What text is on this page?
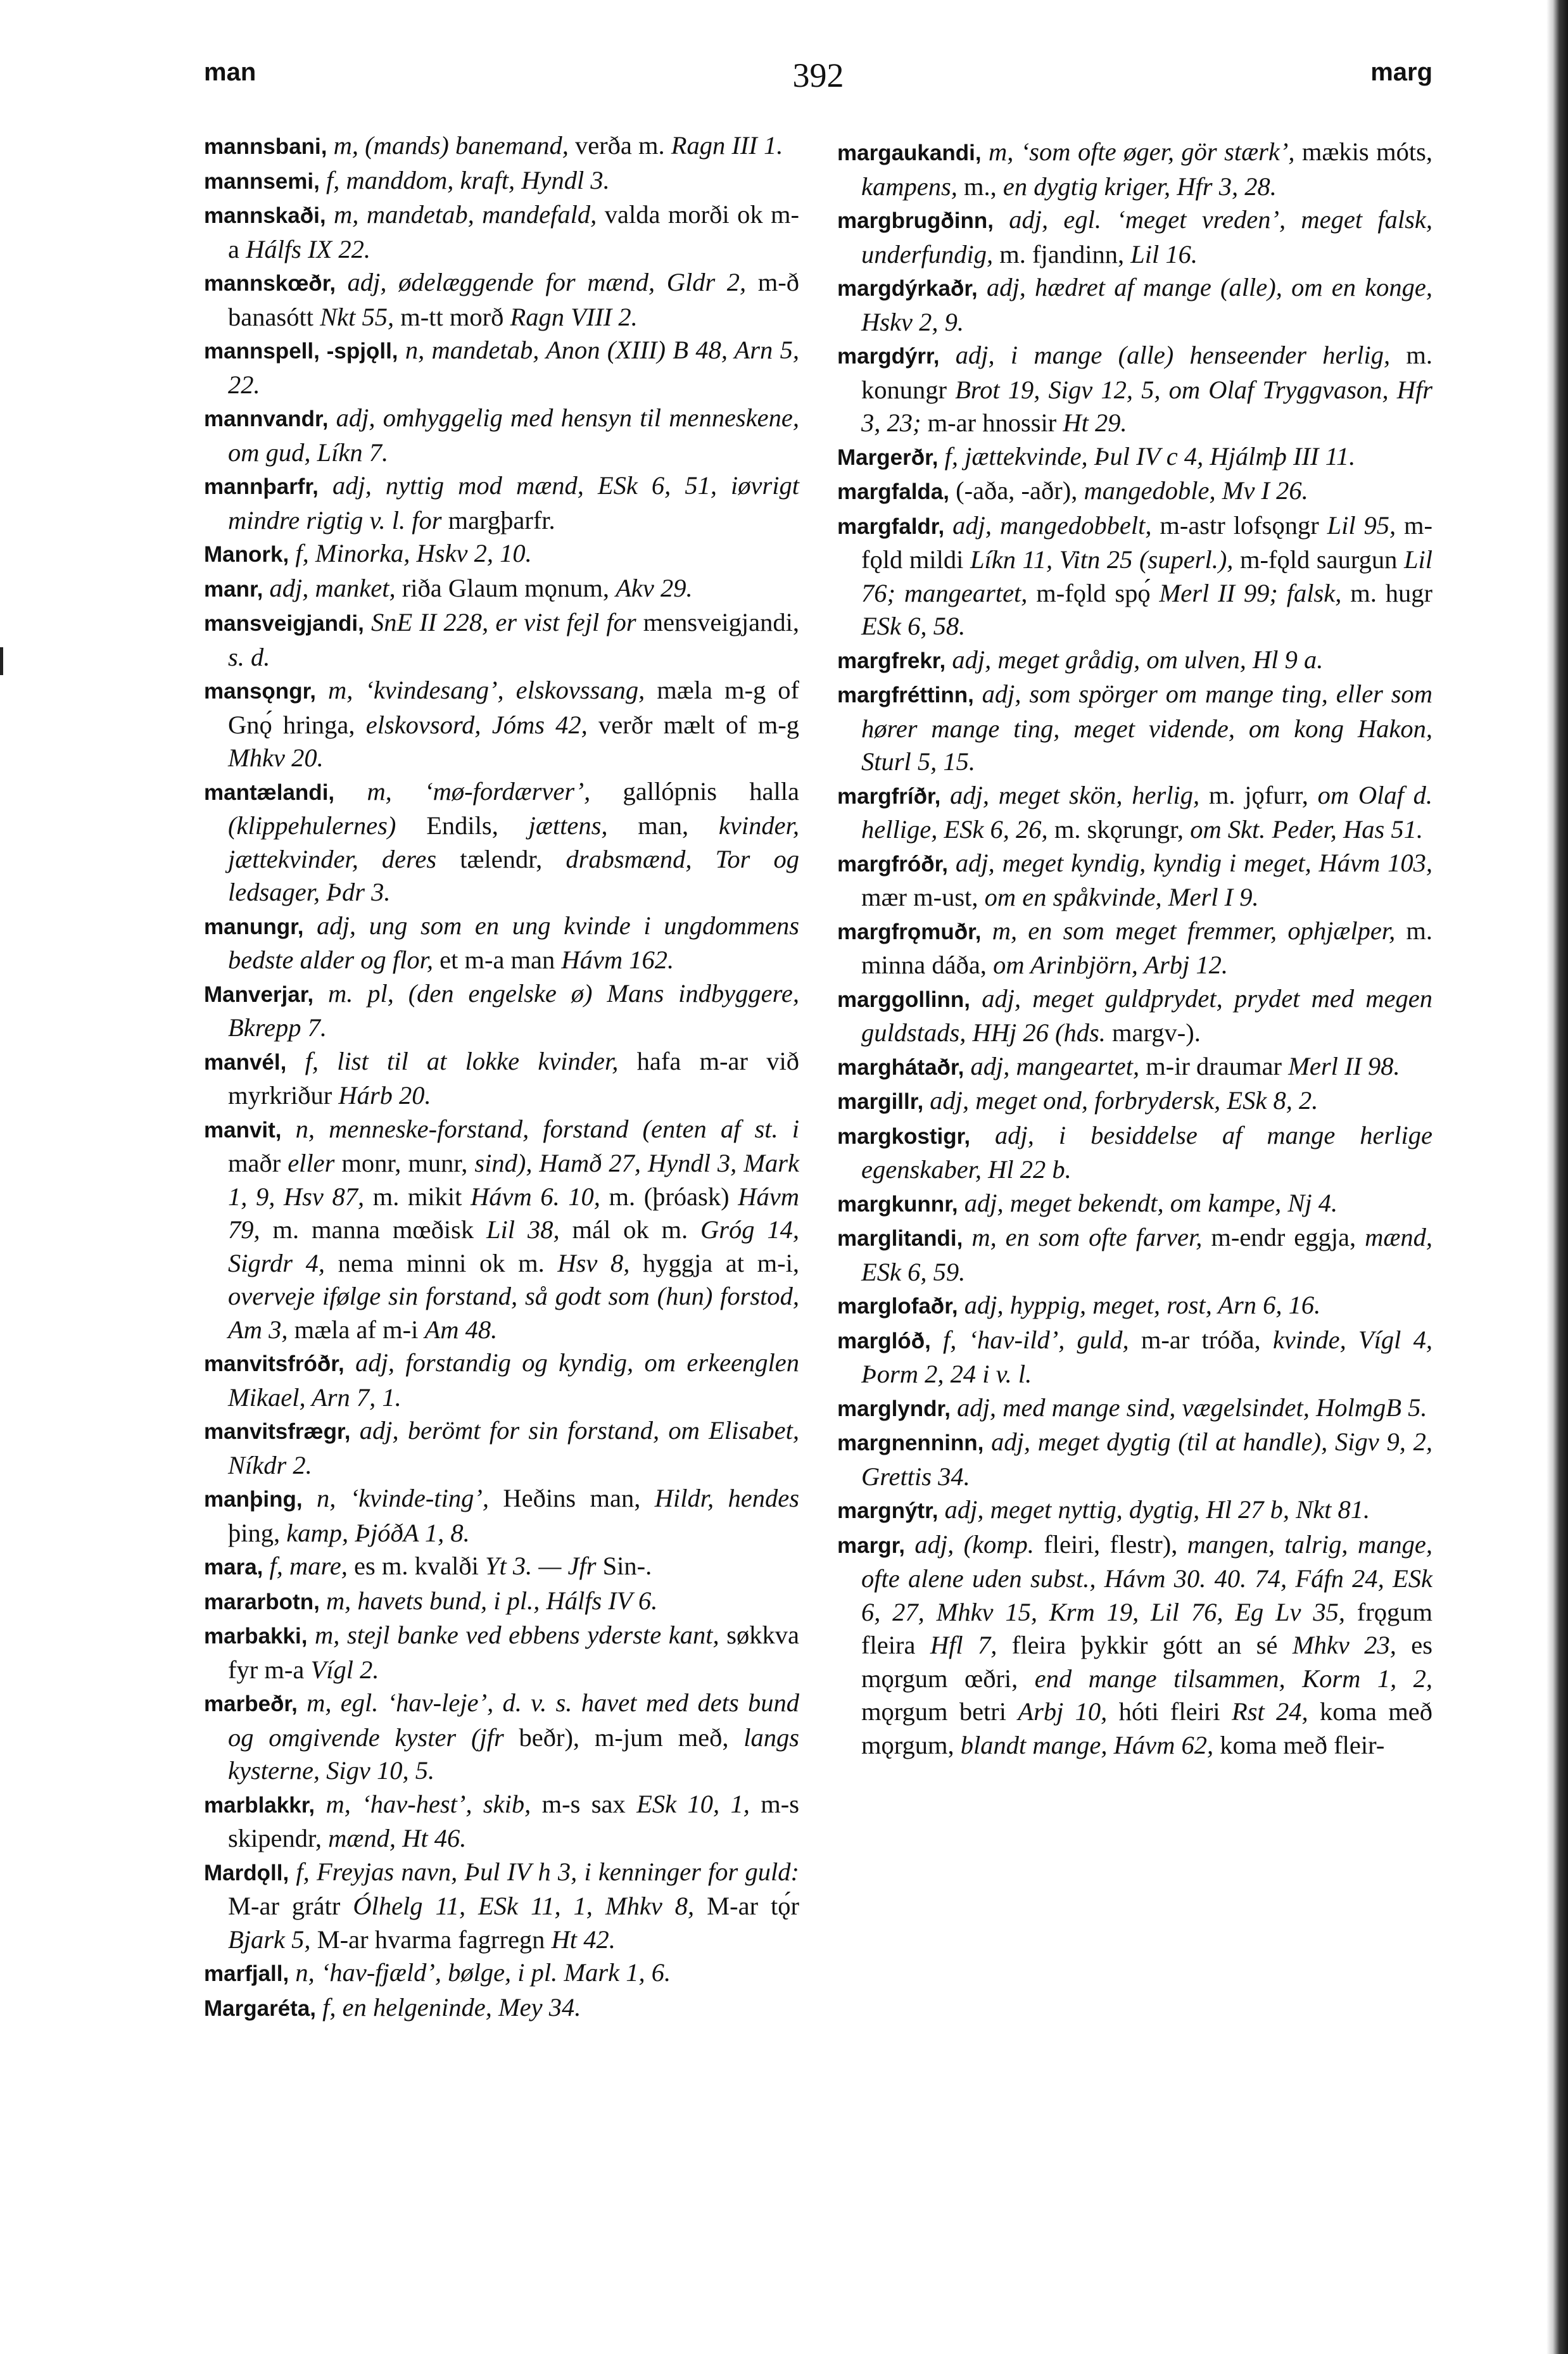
man	392	marg

mannsbani, m, (mands) banemand, verða m. Ragn III 1.

mannsemi, f, manddom, kraft, Hyndl 3.

mannskaði, m, mandetab, mandefald, valda morði ok m-a Hálfs IX 22.

mannskœðr, adj, ødelæggende for mænd, Gldr 2, m-ð banasótt Nkt 55, m-tt morð Ragn VIII 2.

mannspell, -spjǫll, n, mandetab, Anon (XIII) B 48, Arn 5, 22.

mannvandr, adj, omhyggelig med hensyn til menneskene, om gud, Líkn 7.

mannþarfr, adj, nyttig mod mænd, ESk 6, 51, iøvrigt mindre rigtig v. l. for margþarfr.

Manork, f, Minorka, Hskv 2, 10.

manr, adj, manket, riða Glaum mǫnum, Akv 29.

mansveigjandi, SnE II 228, er vist fejl for mensveigjandi, s. d.

mansǫngr, m, ‘kvindesang’, elskovssang, mæla m-g of Gnǫ́ hringa, elskovsord, Jóms 42, verðr mælt of m-g Mhkv 20.

mantælandi, m, ‘mø-fordærver’, gallópnis halla (klippehulernes) Endils, jættens, man, kvinder, jættekvinder, deres tælendr, drabsmænd, Tor og ledsager, Þdr 3.

manungr, adj, ung som en ung kvinde i ungdommens bedste alder og flor, et m-a man Hávm 162.

Manverjar, m. pl, (den engelske ø) Mans indbyggere, Bkrepp 7.

manvél, f, list til at lokke kvinder, hafa m-ar við myrkriður Hárb 20.

manvit, n, menneske-forstand, forstand (enten af st. i maðr eller monr, munr, sind), Hamð 27, Hyndl 3, Mark 1, 9, Hsv 87, m. mikit Hávm 6. 10, m. (þróask) Hávm 79, m. manna mœðisk Lil 38, mál ok m. Gróg 14, Sigrdr 4, nema minni ok m. Hsv 8, hyggja at m-i, overveje ifølge sin forstand, så godt som (hun) forstod, Am 3, mæla af m-i Am 48.

manvitsfróðr, adj, forstandig og kyndig, om erkeenglen Mikael, Arn 7, 1.

manvitsfrægr, adj, berömt for sin forstand, om Elisabet, Níkdr 2.

manþing, n, ‘kvinde-ting’, Heðins man, Hildr, hendes þing, kamp, ÞjóðA 1, 8.

mara, f, mare, es m. kvalði Yt 3. — Jfr Sin-.

mararbotn, m, havets bund, i pl., Hálfs IV 6.

marbakki, m, stejl banke ved ebbens yderste kant, søkkva fyr m-a Vígl 2.

marbeðr, m, egl. ‘hav-leje’, d. v. s. havet med dets bund og omgivende kyster (jfr beðr), m-jum með, langs kysterne, Sigv 10, 5.

marblakkr, m, ‘hav-hest’, skib, m-s sax ESk 10, 1, m-s skipendr, mænd, Ht 46.

Mardǫll, f, Freyjas navn, Þul IV h 3, i kenninger for guld: M-ar grátr Ólhelg 11, ESk 11, 1, Mhkv 8, M-ar tǫ́r Bjark 5, M-ar hvarma fagrregn Ht 42.

marfjall, n, ‘hav-fjæld’, bølge, i pl. Mark 1, 6.

Margaréta, f, en helgeninde, Mey 34.

margaukandi, m, ‘som ofte øger, gör stærk’, mækis móts, kampens, m., en dygtig kriger, Hfr 3, 28.

margbrugðinn, adj, egl. ‘meget vreden’, meget falsk, underfundig, m. fjandinn, Lil 16.

margdýrkaðr, adj, hædret af mange (alle), om en konge, Hskv 2, 9.

margdýrr, adj, i mange (alle) henseender herlig, m. konungr Brot 19, Sigv 12, 5, om Olaf Tryggvason, Hfr 3, 23; m-ar hnossir Ht 29.

Margerðr, f, jættekvinde, Þul IV c 4, Hjálmþ III 11.

margfalda, (-aða, -aðr), mangedoble, Mv I 26.

margfaldr, adj, mangedobbelt, m-astr lofsǫngr Lil 95, m-fǫld mildi Líkn 11, Vitn 25 (superl.), m-fǫld saurgun Lil 76; mangeartet, m-fǫld spǫ́ Merl II 99; falsk, m. hugr ESk 6, 58.

margfrekr, adj, meget grådig, om ulven, Hl 9 a.

margfréttinn, adj, som spörger om mange ting, eller som hører mange ting, meget vidende, om kong Hakon, Sturl 5, 15.

margfríðr, adj, meget skön, herlig, m. jǫfurr, om Olaf d. hellige, ESk 6, 26, m. skǫrungr, om Skt. Peder, Has 51.

margfróðr, adj, meget kyndig, kyndig i meget, Hávm 103, mær m-ust, om en spåkvinde, Merl I 9.

margfrǫmuðr, m, en som meget fremmer, ophjælper, m. minna dáða, om Arinbjörn, Arbj 12.

marggollinn, adj, meget guldprydet, prydet med megen guldstads, HHj 26 (hds. margv-).

marghátaðr, adj, mangeartet, m-ir draumar Merl II 98.

margillr, adj, meget ond, forbrydersk, ESk 8, 2.

margkostigr, adj, i besiddelse af mange herlige egenskaber, Hl 22 b.

margkunnr, adj, meget bekendt, om kampe, Nj 4.

marglitandi, m, en som ofte farver, m-endr eggja, mænd, ESk 6, 59.

marglofaðr, adj, hyppig, meget, rost, Arn 6, 16.

marglóð, f, ‘hav-ild’, guld, m-ar tróða, kvinde, Vígl 4, Þorm 2, 24 i v. l.

marglyndr, adj, med mange sind, vægelsindet, HolmgB 5.

margnenninn, adj, meget dygtig (til at handle), Sigv 9, 2, Grettis 34.

margnýtr, adj, meget nyttig, dygtig, Hl 27 b, Nkt 81.

margr, adj, (komp. fleiri, flestr), mangen, talrig, mange, ofte alene uden subst., Hávm 30. 40. 74, Fáfn 24, ESk 6, 27, Mhkv 15, Krm 19, Lil 76, Eg Lv 35, frǫgum fleira Hfl 7, fleira þykkir gótt an sé Mhkv 23, es mǫrgum œðri, end mange tilsammen, Korm 1, 2, mǫrgum betri Arbj 10, hóti fleiri Rst 24, koma með mǫrgum, blandt mange, Hávm 62, koma með fleir-
